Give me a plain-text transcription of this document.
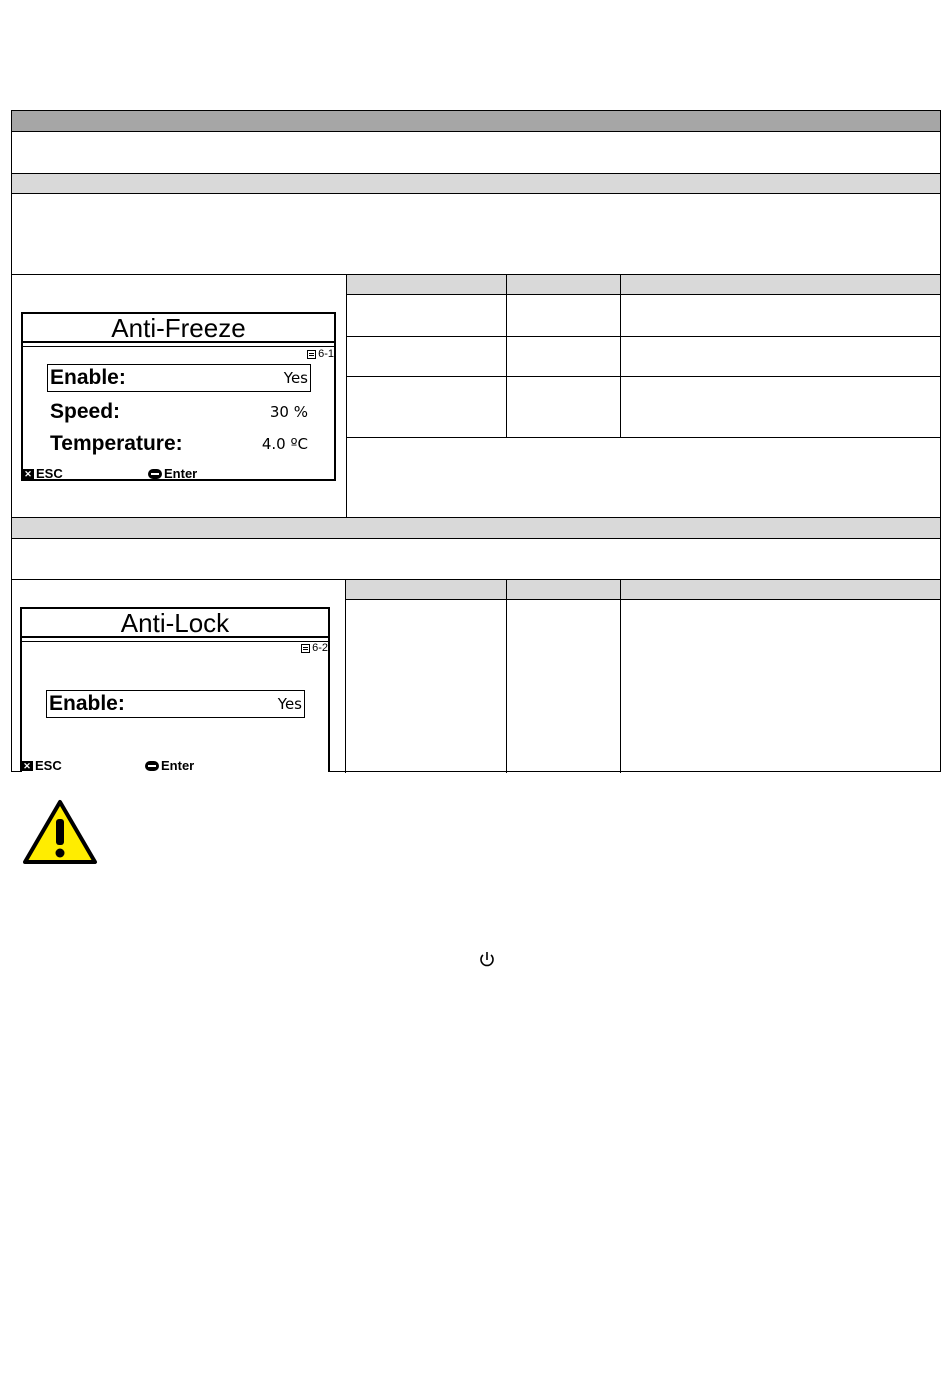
Anti-Freeze
6-1
Enable:	Yes
Speed:	30 %
Temperature:	4.0 ºC
✕ ESC	Enter
Anti-Lock
6-2
Enable:	Yes
✕ ESC	Enter
